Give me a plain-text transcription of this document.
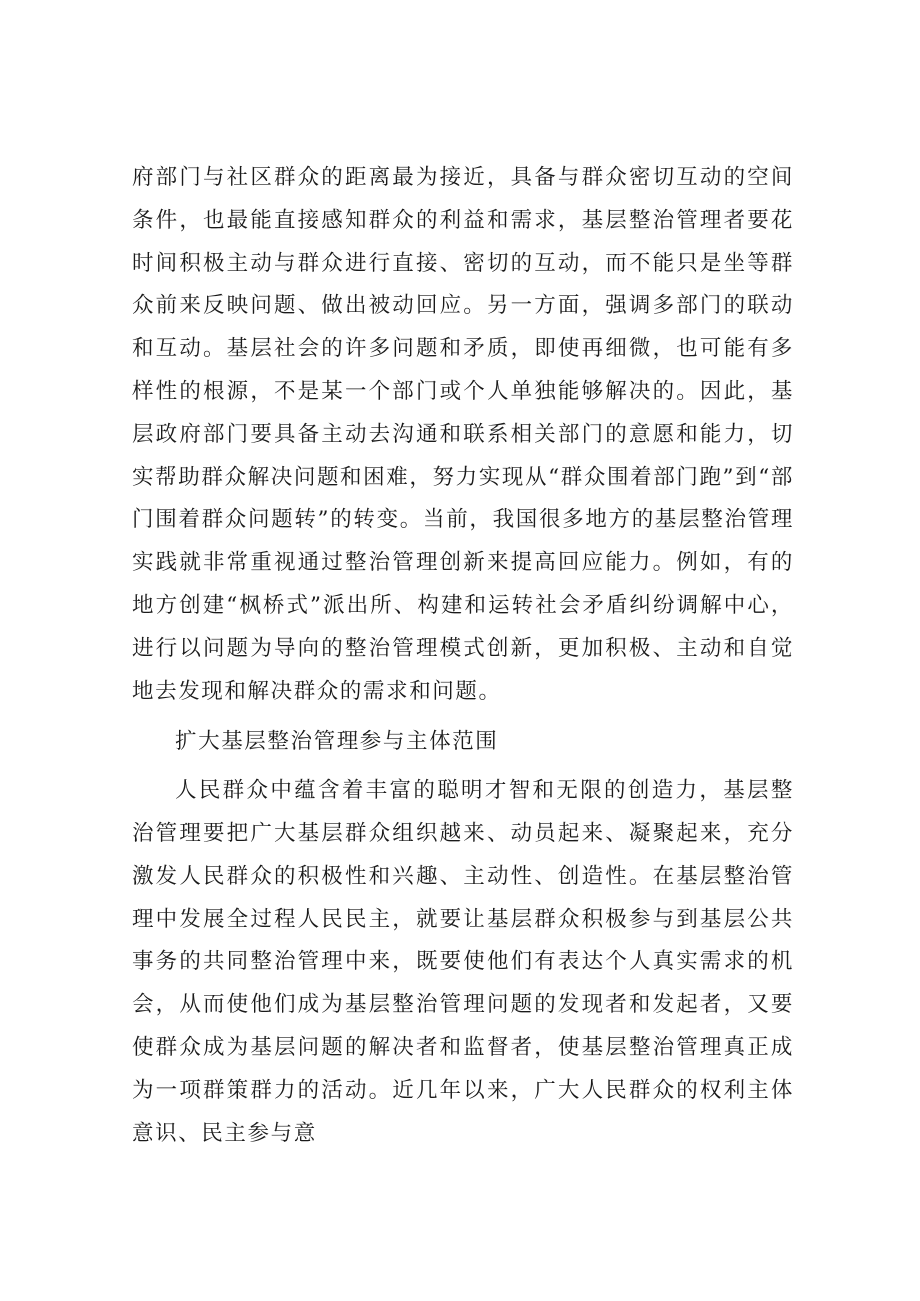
府部门与社区群众的距离最为接近，具备与群众密切互动的空间条件，也最能直接感知群众的利益和需求，基层整治管理者要花时间积极主动与群众进行直接、密切的互动，而不能只是坐等群众前来反映问题、做出被动回应。另一方面，强调多部门的联动和互动。基层社会的许多问题和矛质，即使再细微，也可能有多样性的根源，不是某一个部门或个人单独能够解决的。因此，基层政府部门要具备主动去沟通和联系相关部门的意愿和能力，切实帮助群众解决问题和困难，努力实现从“群众围着部门跑”到“部门围着群众问题转”的转变。当前，我国很多地方的基层整治管理实践就非常重视通过整治管理创新来提高回应能力。例如，有的地方创建“枫桥式”派出所、构建和运转社会矛盾纠纷调解中心，进行以问题为导向的整治管理模式创新，更加积极、主动和自觉地去发现和解决群众的需求和问题。

扩大基层整治管理参与主体范围

人民群众中蕴含着丰富的聪明才智和无限的创造力，基层整治管理要把广大基层群众组织越来、动员起来、凝聚起来，充分激发人民群众的积极性和兴趣、主动性、创造性。在基层整治管理中发展全过程人民民主，就要让基层群众积极参与到基层公共事务的共同整治管理中来，既要使他们有表达个人真实需求的机会，从而使他们成为基层整治管理问题的发现者和发起者，又要使群众成为基层问题的解决者和监督者，使基层整治管理真正成为一项群策群力的活动。近几年以来，广大人民群众的权利主体意识、民主参与意
